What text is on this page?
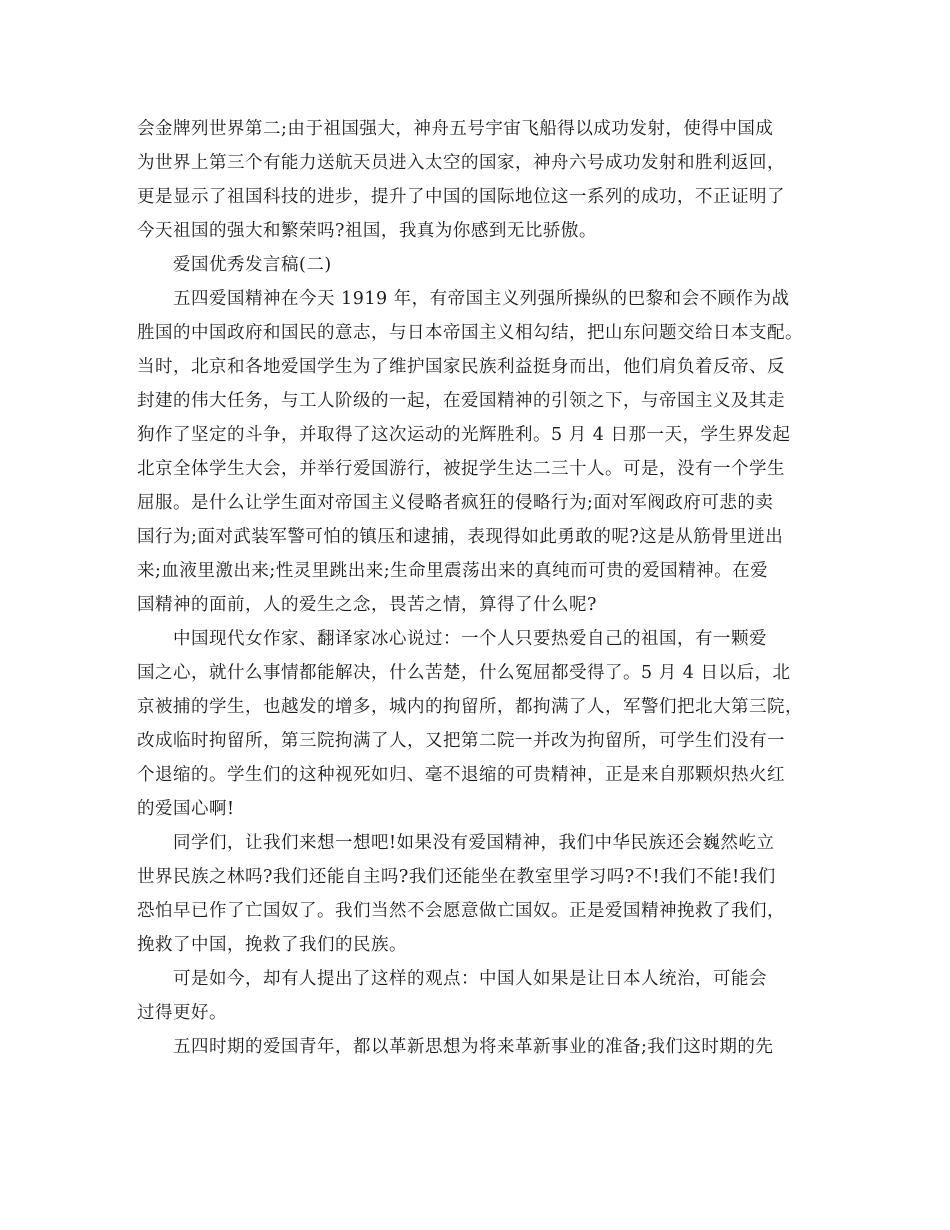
会金牌列世界第二;由于祖国强大，神舟五号宇宙飞船得以成功发射，使得中国成
为世界上第三个有能力送航天员进入太空的国家，神舟六号成功发射和胜利返回，
更是显示了祖国科技的进步，提升了中国的国际地位这一系列的成功，不正证明了
今天祖国的强大和繁荣吗?祖国，我真为你感到无比骄傲。
爱国优秀发言稿(二)
五四爱国精神在今天 1919 年，有帝国主义列强所操纵的巴黎和会不顾作为战
胜国的中国政府和国民的意志，与日本帝国主义相勾结，把山东问题交给日本支配。
当时，北京和各地爱国学生为了维护国家民族利益挺身而出，他们肩负着反帝、反
封建的伟大任务，与工人阶级的一起，在爱国精神的引领之下，与帝国主义及其走
狗作了坚定的斗争，并取得了这次运动的光辉胜利。5 月 4 日那一天，学生界发起
北京全体学生大会，并举行爱国游行，被捉学生达二三十人。可是，没有一个学生
屈服。是什么让学生面对帝国主义侵略者疯狂的侵略行为;面对军阀政府可悲的卖
国行为;面对武装军警可怕的镇压和逮捕，表现得如此勇敢的呢?这是从筋骨里迸出
来;血液里激出来;性灵里跳出来;生命里震荡出来的真纯而可贵的爱国精神。在爱
国精神的面前，人的爱生之念，畏苦之情，算得了什么呢?
中国现代女作家、翻译家冰心说过：一个人只要热爱自己的祖国，有一颗爱
国之心，就什么事情都能解决，什么苦楚，什么冤屈都受得了。5 月 4 日以后，北
京被捕的学生，也越发的增多，城内的拘留所，都拘满了人，军警们把北大第三院，
改成临时拘留所，第三院拘满了人，又把第二院一并改为拘留所，可学生们没有一
个退缩的。学生们的这种视死如归、毫不退缩的可贵精神，正是来自那颗炽热火红
的爱国心啊!
同学们，让我们来想一想吧!如果没有爱国精神，我们中华民族还会巍然屹立
世界民族之林吗?我们还能自主吗?我们还能坐在教室里学习吗?不!我们不能!我们
恐怕早已作了亡国奴了。我们当然不会愿意做亡国奴。正是爱国精神挽救了我们，
挽救了中国，挽救了我们的民族。
可是如今，却有人提出了这样的观点：中国人如果是让日本人统治，可能会
过得更好。
五四时期的爱国青年，都以革新思想为将来革新事业的准备;我们这时期的先
